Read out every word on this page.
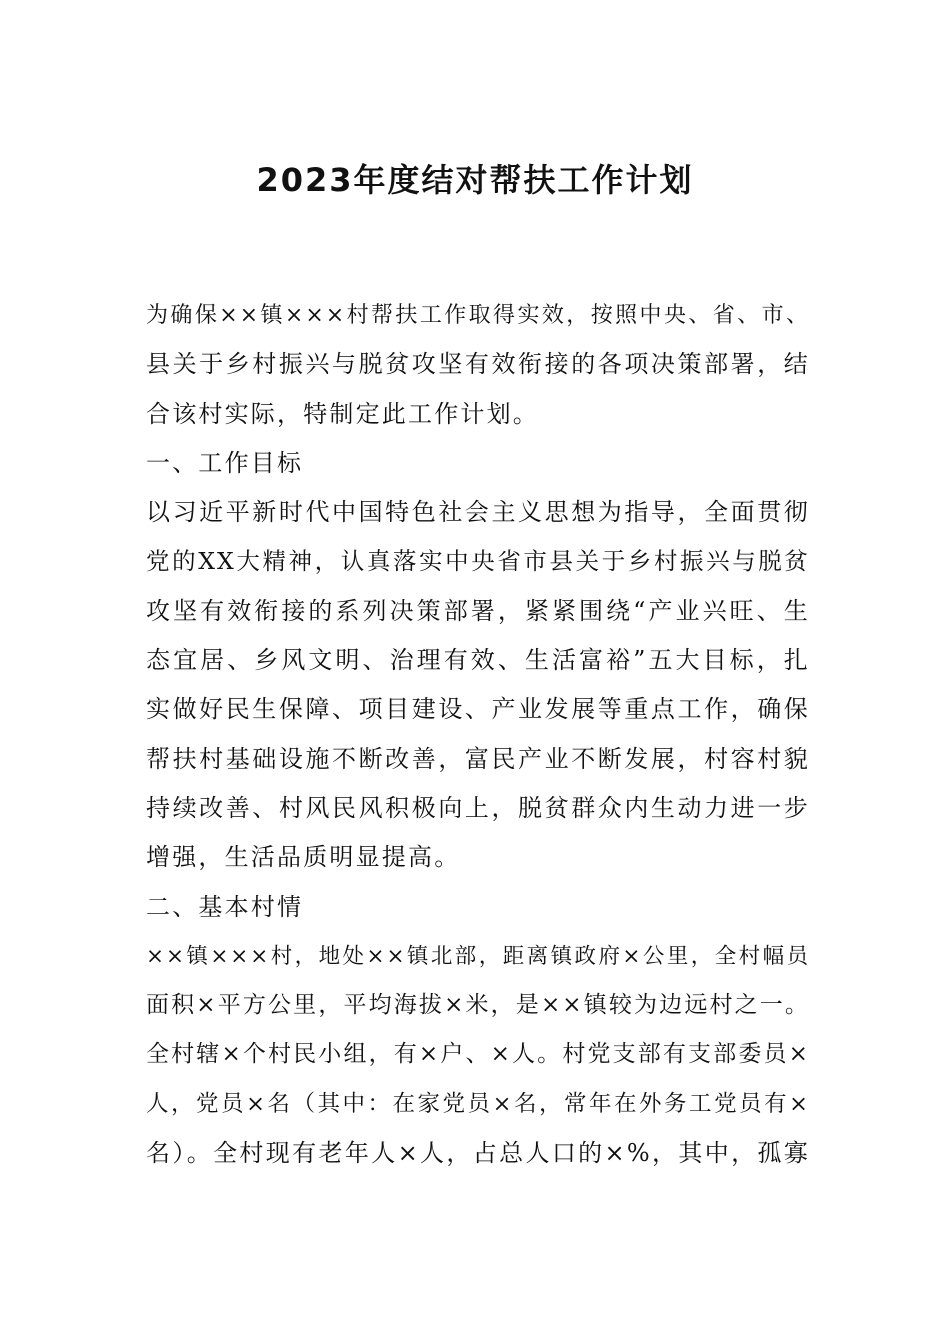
2023年度结对帮扶工作计划
为确保××镇×××村帮扶工作取得实效，按照中央、省、市、
县关于乡村振兴与脱贫攻坚有效衔接的各项决策部署，结
合该村实际，特制定此工作计划。
一、工作目标
以习近平新时代中国特色社会主义思想为指导，全面贯彻
党的XX大精神，认真落实中央省市县关于乡村振兴与脱贫
攻坚有效衔接的系列决策部署，紧紧围绕“产业兴旺、生
态宜居、乡风文明、治理有效、生活富裕”五大目标，扎
实做好民生保障、项目建设、产业发展等重点工作，确保
帮扶村基础设施不断改善，富民产业不断发展，村容村貌
持续改善、村风民风积极向上，脱贫群众内生动力进一步
增强，生活品质明显提高。
二、基本村情
××镇×××村，地处××镇北部，距离镇政府×公里，全村幅员
面积×平方公里，平均海拔×米，是××镇较为边远村之一。
全村辖×个村民小组，有×户、×人。村党支部有支部委员×
人，党员×名（其中：在家党员×名，常年在外务工党员有×
名）。全村现有老年人×人，占总人口的×%，其中，孤寡
